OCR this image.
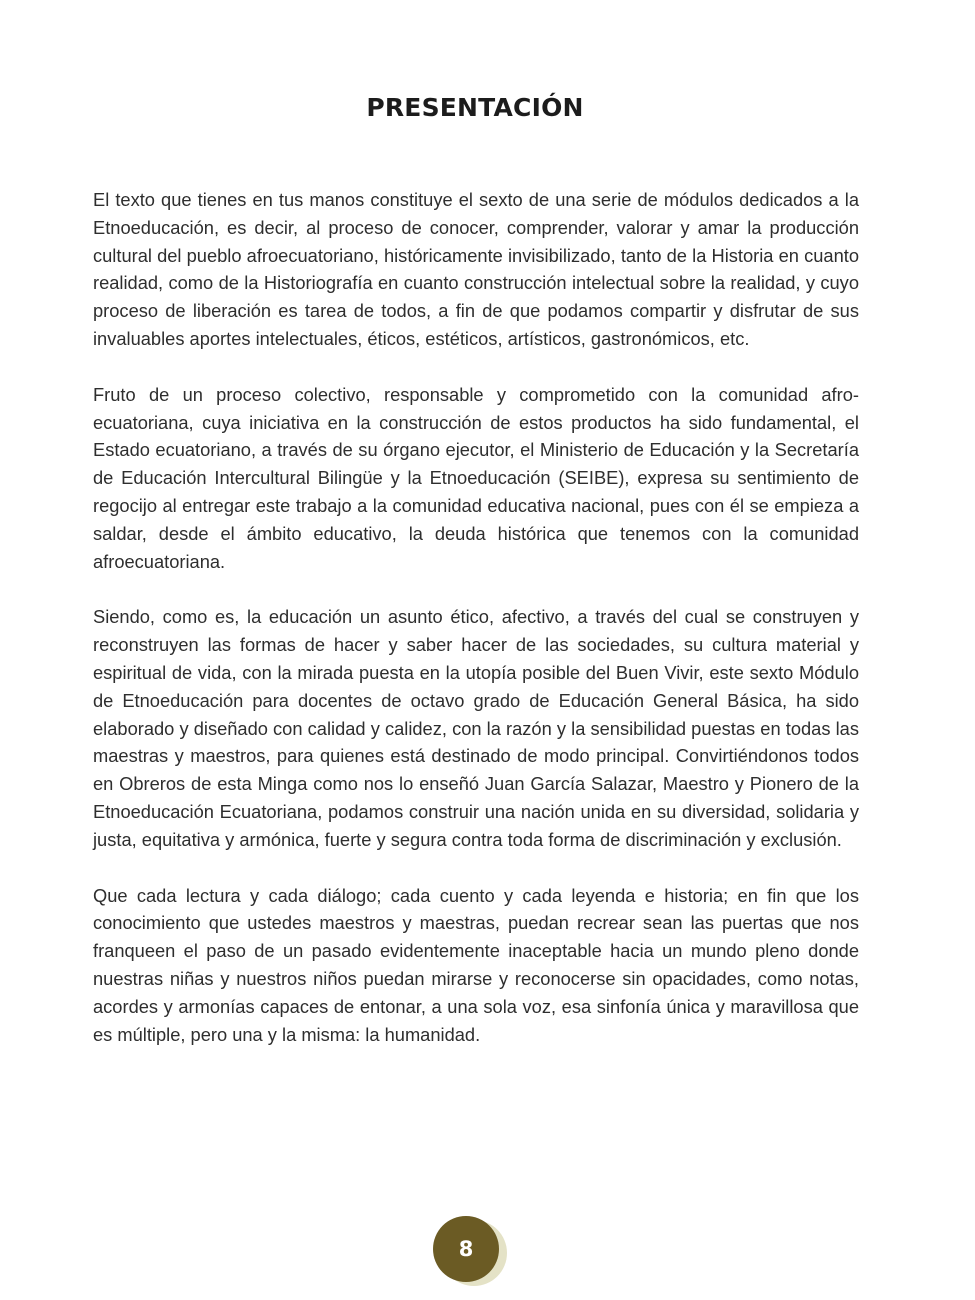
PRESENTACIÓN

El texto que tienes en tus manos constituye el sexto de una serie de módulos dedicados a la Etnoeducación, es decir, al proceso de conocer, comprender, valorar y amar la producción cultural del pueblo afroecuatoriano, históricamente invisibilizado, tanto de la Historia en cuanto realidad, como de la Historiografía en cuanto construcción intelectual sobre la realidad, y cuyo proceso de liberación es tarea de todos, a fin de que podamos compartir y disfrutar de sus invaluables aportes intelectuales, éticos, estéticos, artísticos, gastronómicos, etc.

Fruto de un proceso colectivo, responsable y comprometido con la comunidad afroecuatoriana, cuya iniciativa en la construcción de estos productos ha sido fundamental, el Estado ecuatoriano, a través de su órgano ejecutor, el Ministerio de Educación y la Secretaría de Educación Intercultural Bilingüe y la Etnoeducación (SEIBE), expresa su sentimiento de regocijo al entregar este trabajo a la comunidad educativa nacional, pues con él se empieza a saldar, desde el ámbito educativo, la deuda histórica que tenemos con la comunidad afroecuatoriana.

Siendo, como es, la educación un asunto ético, afectivo, a través del cual se construyen y reconstruyen las formas de hacer y saber hacer de las sociedades, su cultura material y espiritual de vida, con la mirada puesta en la utopía posible del Buen Vivir, este sexto Módulo de Etnoeducación para docentes de octavo grado de Educación General Básica, ha sido elaborado y diseñado con calidad y calidez, con la razón y la sensibilidad puestas en todas las maestras y maestros, para quienes está destinado de modo principal. Convirtiéndonos todos en Obreros de esta Minga como nos lo enseñó Juan García Salazar, Maestro y Pionero de la Etnoeducación Ecuatoriana, podamos construir una nación unida en su diversidad, solidaria y justa, equitativa y armónica, fuerte y segura contra toda forma de discriminación y exclusión.

Que cada lectura y cada diálogo; cada cuento y cada leyenda e historia; en fin que los conocimiento que ustedes maestros y maestras, puedan recrear sean las puertas que nos franqueen el paso de un pasado evidentemente inaceptable hacia un mundo pleno donde nuestras niñas y nuestros niños puedan mirarse y reconocerse sin opacidades, como notas, acordes y armonías capaces de entonar, a una sola voz, esa sinfonía única y maravillosa que es múltiple, pero una y la misma: la humanidad.

8
